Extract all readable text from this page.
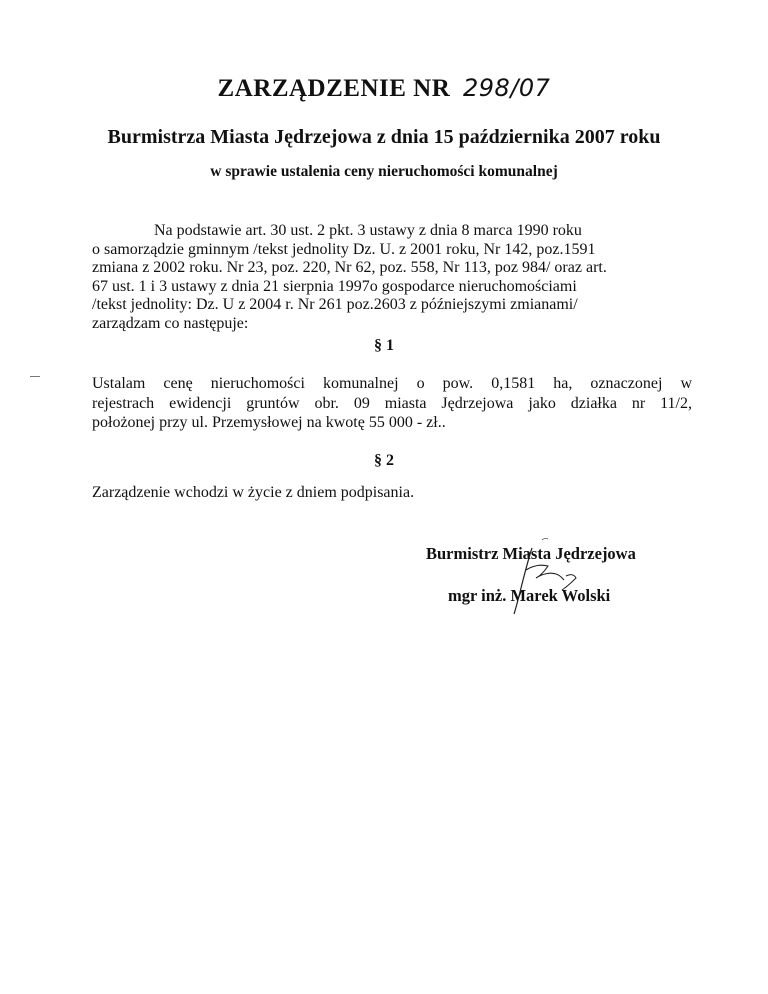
ZARZĄDZENIE NR 298/07
Burmistrza Miasta Jędrzejowa z dnia 15 października 2007 roku
w sprawie ustalenia ceny nieruchomości komunalnej
Na podstawie art. 30 ust. 2 pkt. 3 ustawy z dnia 8 marca 1990 roku
o samorządzie gminnym /tekst jednolity Dz. U. z 2001 roku, Nr 142, poz.1591
zmiana z 2002 roku. Nr 23, poz. 220, Nr 62, poz. 558, Nr 113, poz 984/ oraz art.
67 ust. 1 i 3 ustawy z dnia 21 sierpnia 1997o gospodarce nieruchomościami
/tekst jednolity: Dz. U z 2004 r. Nr 261 poz.2603 z późniejszymi zmianami/
zarządzam co następuje:
§ 1
Ustalam cenę nieruchomości komunalnej o pow. 0,1581 ha, oznaczonej w
rejestrach ewidencji gruntów obr. 09 miasta Jędrzejowa jako działka nr 11/2,
położonej przy ul. Przemysłowej na kwotę 55 000 - zł..
§ 2
Zarządzenie wchodzi w życie z dniem podpisania.
Burmistrz Miasta Jędrzejowa
mgr inż. Marek Wolski
